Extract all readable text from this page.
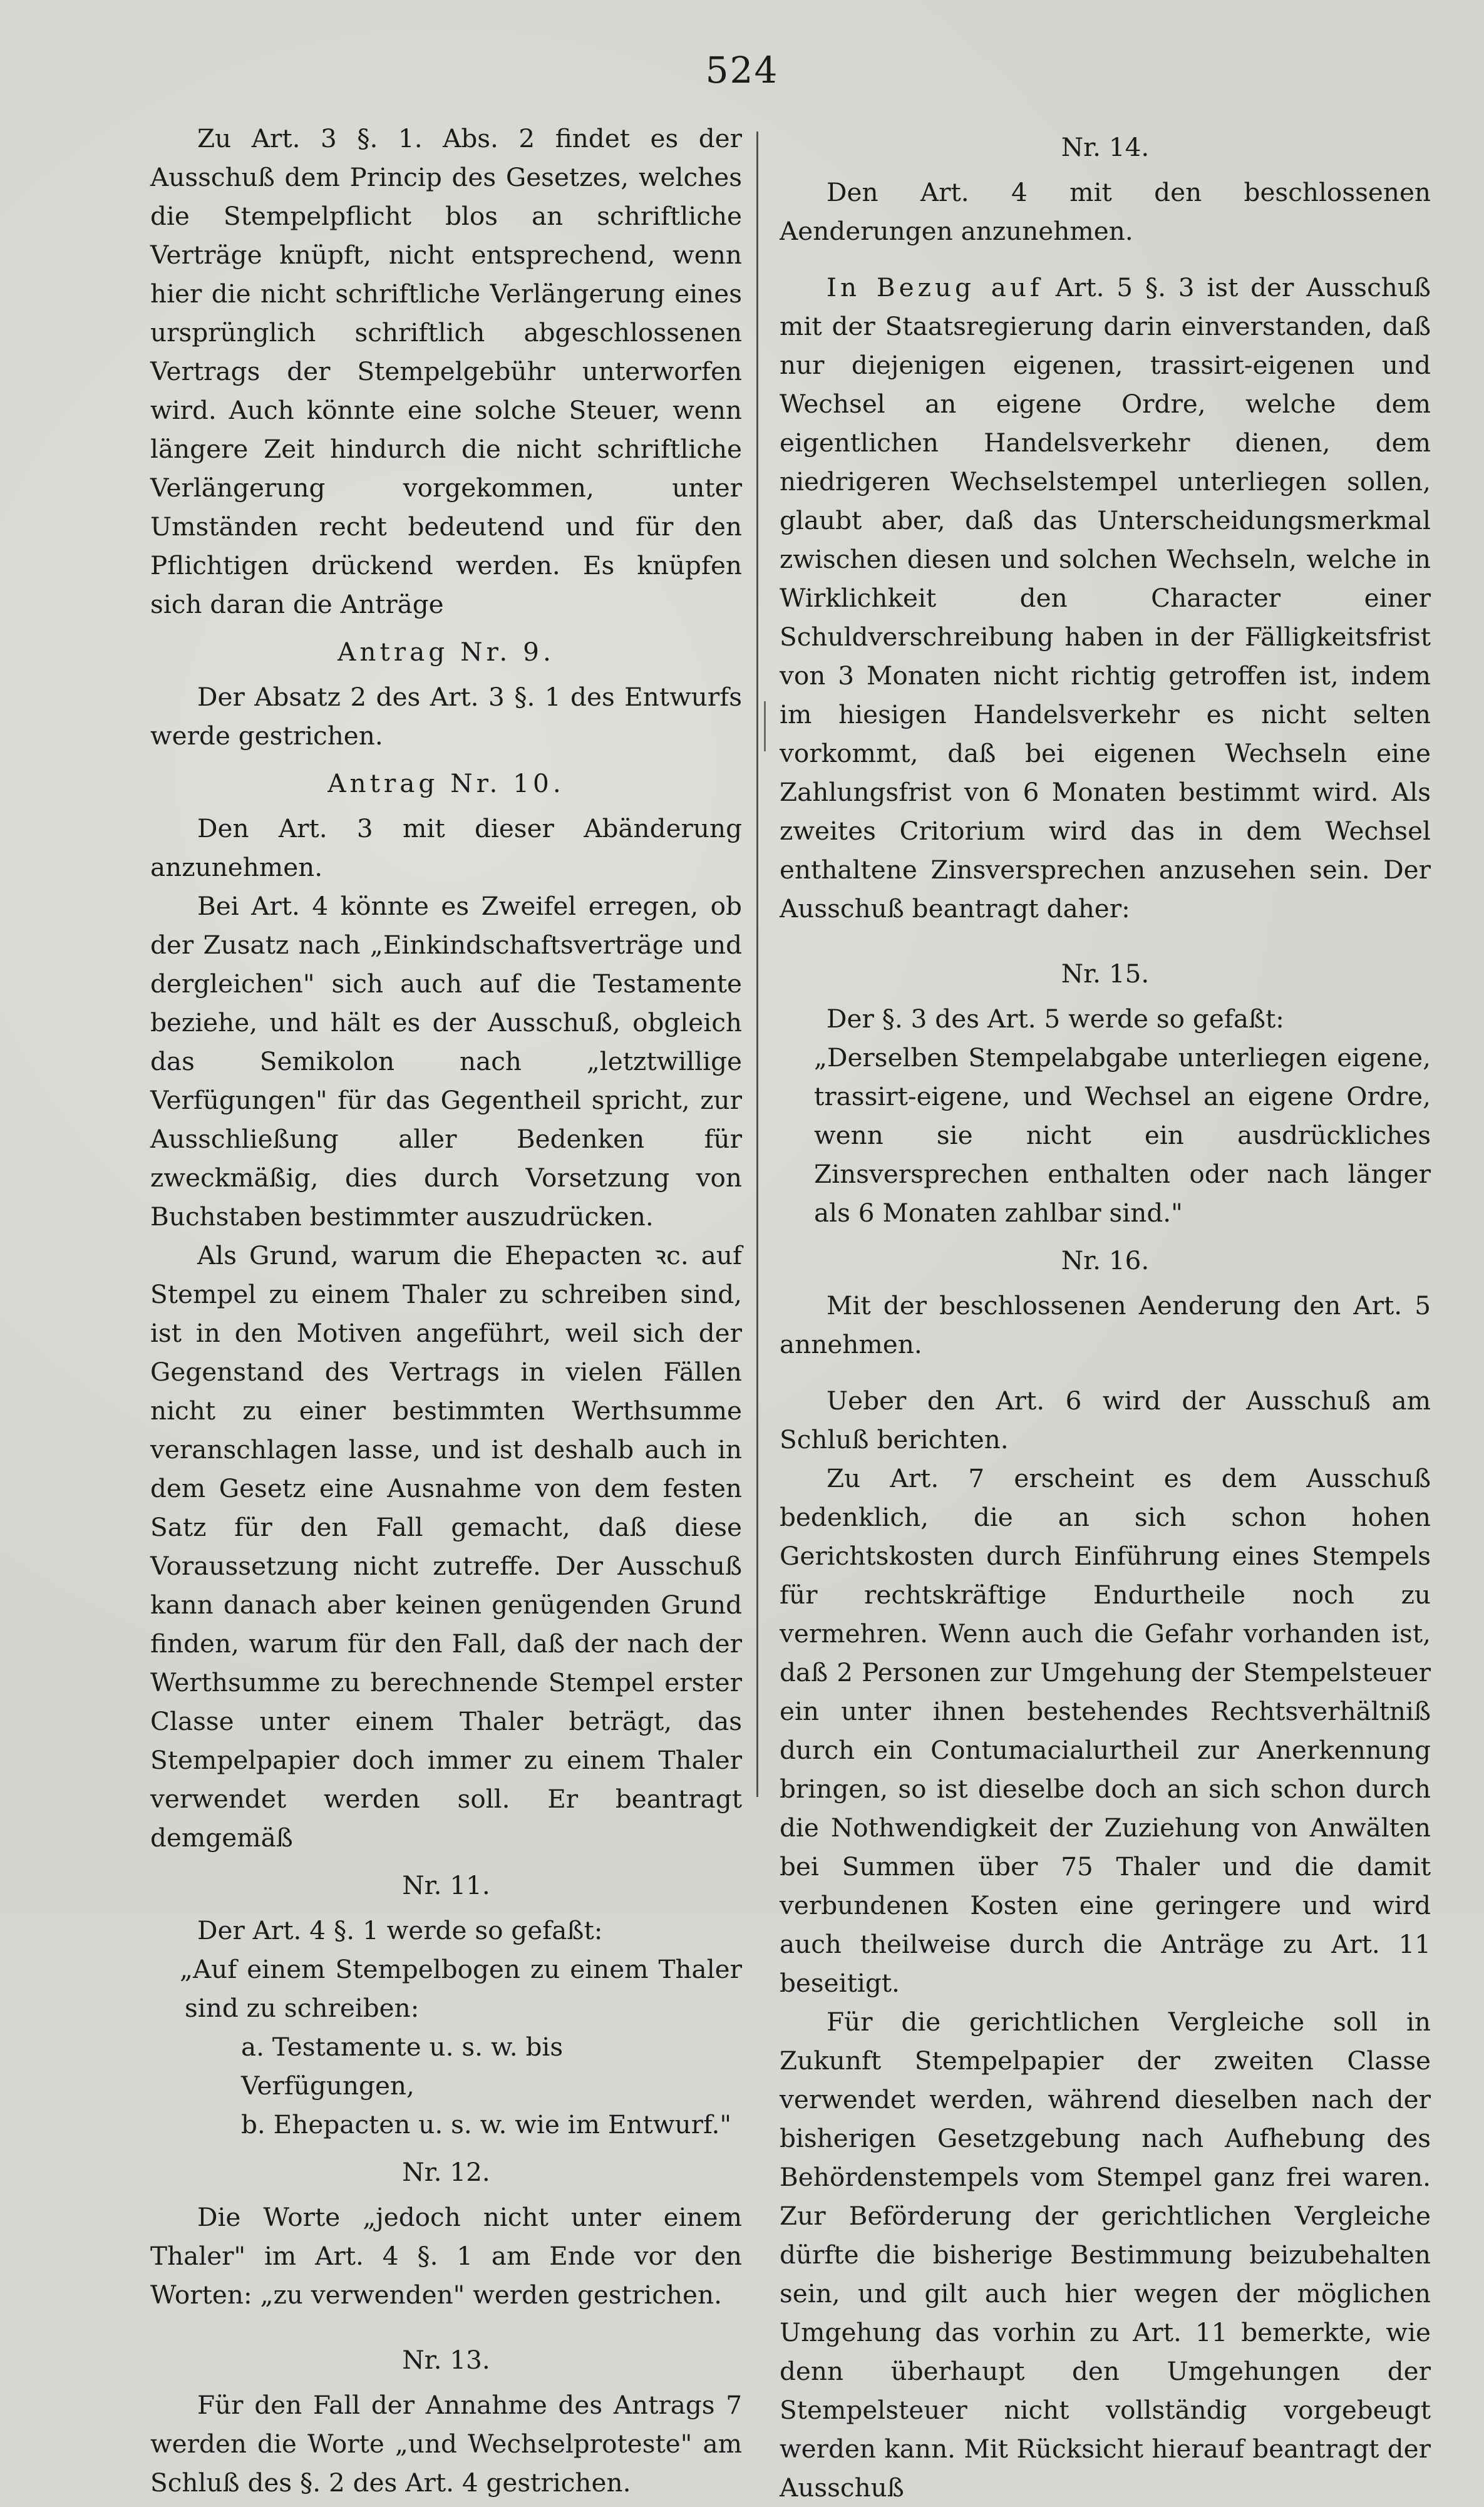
524

Zu Art. 3 §. 1. Abs. 2 findet es der Ausschuß dem Princip des Gesetzes, welches die Stempelpflicht blos an schriftliche Verträge knüpft, nicht entsprechend, wenn hier die nicht schriftliche Verlängerung eines ursprünglich schriftlich abgeschlossenen Vertrags der Stempelgebühr unterworfen wird. Auch könnte eine solche Steuer, wenn längere Zeit hindurch die nicht schriftliche Verlängerung vorgekommen, unter Umständen recht bedeutend und für den Pflichtigen drückend werden. Es knüpfen sich daran die Anträge

Antrag Nr. 9.

Der Absatz 2 des Art. 3 §. 1 des Entwurfs werde gestrichen.

Antrag Nr. 10.

Den Art. 3 mit dieser Abänderung anzunehmen.

Bei Art. 4 könnte es Zweifel erregen, ob der Zusatz nach „Einkindschaftsverträge und dergleichen" sich auch auf die Testamente beziehe, und hält es der Ausschuß, obgleich das Semikolon nach „letztwillige Verfügungen" für das Gegentheil spricht, zur Ausschließung aller Bedenken für zweckmäßig, dies durch Vorsetzung von Buchstaben bestimmter auszudrücken.

Als Grund, warum die Ehepacten ꝛc. auf Stempel zu einem Thaler zu schreiben sind, ist in den Motiven angeführt, weil sich der Gegenstand des Vertrags in vielen Fällen nicht zu einer bestimmten Werthsumme veranschlagen lasse, und ist deshalb auch in dem Gesetz eine Ausnahme von dem festen Satz für den Fall gemacht, daß diese Voraussetzung nicht zutreffe. Der Ausschuß kann danach aber keinen genügenden Grund finden, warum für den Fall, daß der nach der Werthsumme zu berechnende Stempel erster Classe unter einem Thaler beträgt, das Stempelpapier doch immer zu einem Thaler verwendet werden soll. Er beantragt demgemäß

Nr. 11.

Der Art. 4 §. 1 werde so gefaßt:

„Auf einem Stempelbogen zu einem Thaler sind zu schreiben:

a. Testamente u. s. w. bis Verfügungen,

b. Ehepacten u. s. w. wie im Entwurf."

Nr. 12.

Die Worte „jedoch nicht unter einem Thaler" im Art. 4 §. 1 am Ende vor den Worten: „zu verwenden" werden gestrichen.

Nr. 13.

Für den Fall der Annahme des Antrags 7 werden die Worte „und Wechselproteste" am Schluß des §. 2 des Art. 4 gestrichen.

Nr. 14.

Den Art. 4 mit den beschlossenen Aenderungen anzunehmen.

In Bezug auf Art. 5 §. 3 ist der Ausschuß mit der Staatsregierung darin einverstanden, daß nur diejenigen eigenen, trassirt-eigenen und Wechsel an eigene Ordre, welche dem eigentlichen Handelsverkehr dienen, dem niedrigeren Wechselstempel unterliegen sollen, glaubt aber, daß das Unterscheidungsmerkmal zwischen diesen und solchen Wechseln, welche in Wirklichkeit den Character einer Schuldverschreibung haben in der Fälligkeitsfrist von 3 Monaten nicht richtig getroffen ist, indem im hiesigen Handelsverkehr es nicht selten vorkommt, daß bei eigenen Wechseln eine Zahlungsfrist von 6 Monaten bestimmt wird. Als zweites Critorium wird das in dem Wechsel enthaltene Zinsversprechen anzusehen sein. Der Ausschuß beantragt daher:

Nr. 15.

Der §. 3 des Art. 5 werde so gefaßt:

„Derselben Stempelabgabe unterliegen eigene, trassirt-eigene, und Wechsel an eigene Ordre, wenn sie nicht ein ausdrückliches Zinsversprechen enthalten oder nach länger als 6 Monaten zahlbar sind."

Nr. 16.

Mit der beschlossenen Aenderung den Art. 5 annehmen.

Ueber den Art. 6 wird der Ausschuß am Schluß berichten.

Zu Art. 7 erscheint es dem Ausschuß bedenklich, die an sich schon hohen Gerichtskosten durch Einführung eines Stempels für rechtskräftige Endurtheile noch zu vermehren. Wenn auch die Gefahr vorhanden ist, daß 2 Personen zur Umgehung der Stempelsteuer ein unter ihnen bestehendes Rechtsverhältniß durch ein Contumacialurtheil zur Anerkennung bringen, so ist dieselbe doch an sich schon durch die Nothwendigkeit der Zuziehung von Anwälten bei Summen über 75 Thaler und die damit verbundenen Kosten eine geringere und wird auch theilweise durch die Anträge zu Art. 11 beseitigt.

Für die gerichtlichen Vergleiche soll in Zukunft Stempelpapier der zweiten Classe verwendet werden, während dieselben nach der bisherigen Gesetzgebung nach Aufhebung des Behördenstempels vom Stempel ganz frei waren. Zur Beförderung der gerichtlichen Vergleiche dürfte die bisherige Bestimmung beizubehalten sein, und gilt auch hier wegen der möglichen Umgehung das vorhin zu Art. 11 bemerkte, wie denn überhaupt den Umgehungen der Stempelsteuer nicht vollständig vorgebeugt werden kann. Mit Rücksicht hierauf beantragt der Ausschuß
